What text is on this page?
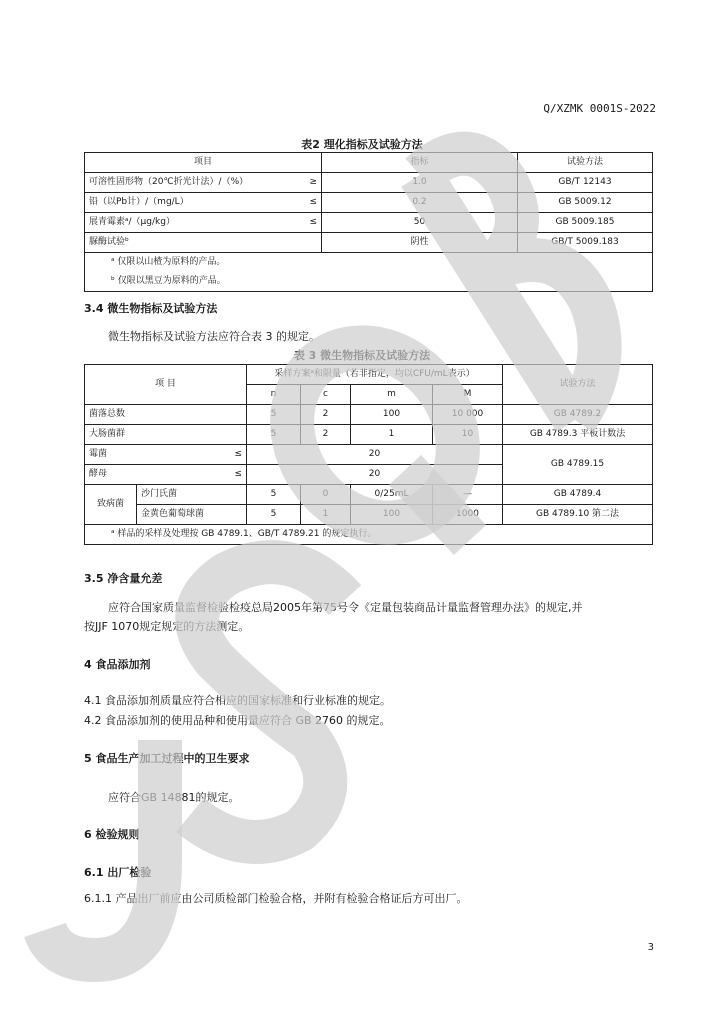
Q/XZMK 0001S-2022
表2 理化指标及试验方法
项目	指标	试验方法
可溶性固形物（20℃折光计法）/（%） ≥	1.0	GB/T 12143
铅（以Pb计）/（mg/L） ≤	0.2	GB 5009.12
展青霉素ᵃ/（μg/kg） ≤	50	GB 5009.185
脲酶试验ᵇ	阴性	GB/T 5009.183
ᵃ 仅限以山楂为原料的产品。		
ᵇ 仅限以黑豆为原料的产品。		
3.4 微生物指标及试验方法
微生物指标及试验方法应符合表 3 的规定。
表 3 微生物指标及试验方法
项 目		采样方案ᵃ和限量（若非指定，均以CFU/mL表示）				试验方法
		n	c	m	M	
菌落总数		5	2	100	10 000	GB 4789.2
大肠菌群		5	2	1	10	GB 4789.3 平板计数法
霉菌 ≤		20				GB 4789.15
酵母 ≤		20				
致病菌	沙门氏菌	5	0	0/25mL	—	GB 4789.4
	金黄色葡萄球菌	5	1	100	1000	GB 4789.10 第二法
ᵃ 样品的采样及处理按 GB 4789.1、GB/T 4789.21 的规定执行。						
3.5 净含量允差
应符合国家质量监督检验检疫总局2005年第75号令《定量包装商品计量监督管理办法》的规定,并
按JJF 1070规定规定的方法测定。
4 食品添加剂
4.1 食品添加剂质量应符合相应的国家标准和行业标准的规定。
4.2 食品添加剂的使用品种和使用量应符合 GB 2760 的规定。
5 食品生产加工过程中的卫生要求
应符合GB 14881的规定。
6 检验规则
6.1 出厂检验
6.1.1 产品出厂前应由公司质检部门检验合格，并附有检验合格证后方可出厂。
3
